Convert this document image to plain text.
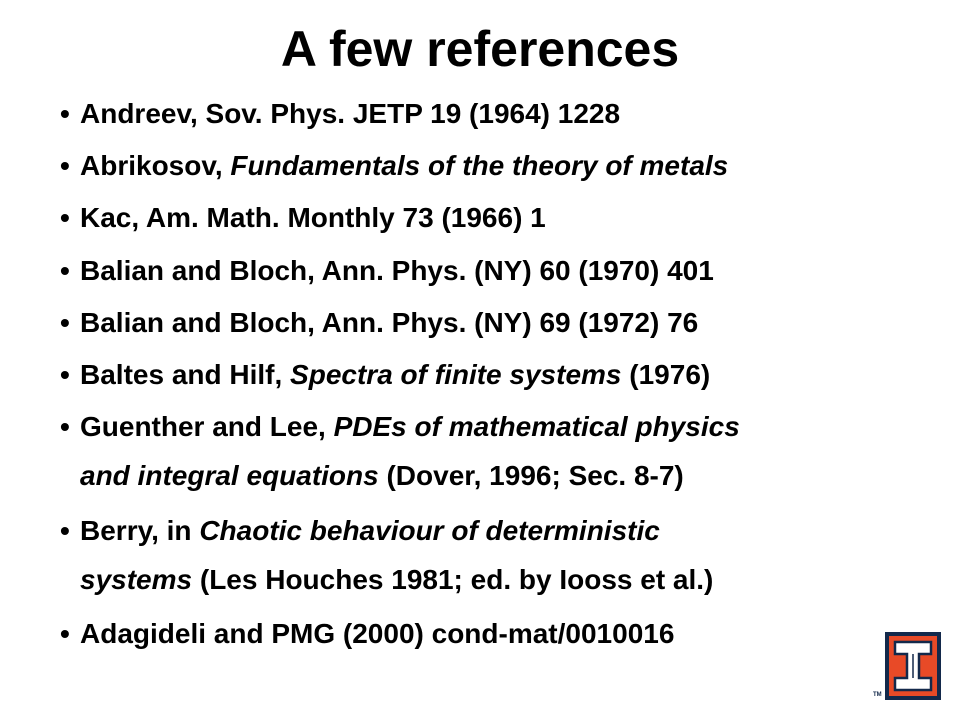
A few references
• Andreev, Sov. Phys. JETP 19 (1964) 1228
• Abrikosov, Fundamentals of the theory of metals
• Kac, Am. Math. Monthly 73 (1966) 1
• Balian and Bloch, Ann. Phys. (NY) 60 (1970) 401
• Balian and Bloch, Ann. Phys. (NY) 69 (1972) 76
• Baltes and Hilf, Spectra of finite systems (1976)
• Guenther and Lee, PDEs of mathematical physics
and integral equations (Dover, 1996; Sec. 8-7)
• Berry, in Chaotic behaviour of deterministic
systems (Les Houches 1981; ed. by Iooss et al.)
• Adagideli and PMG (2000) cond-mat/0010016
TM
